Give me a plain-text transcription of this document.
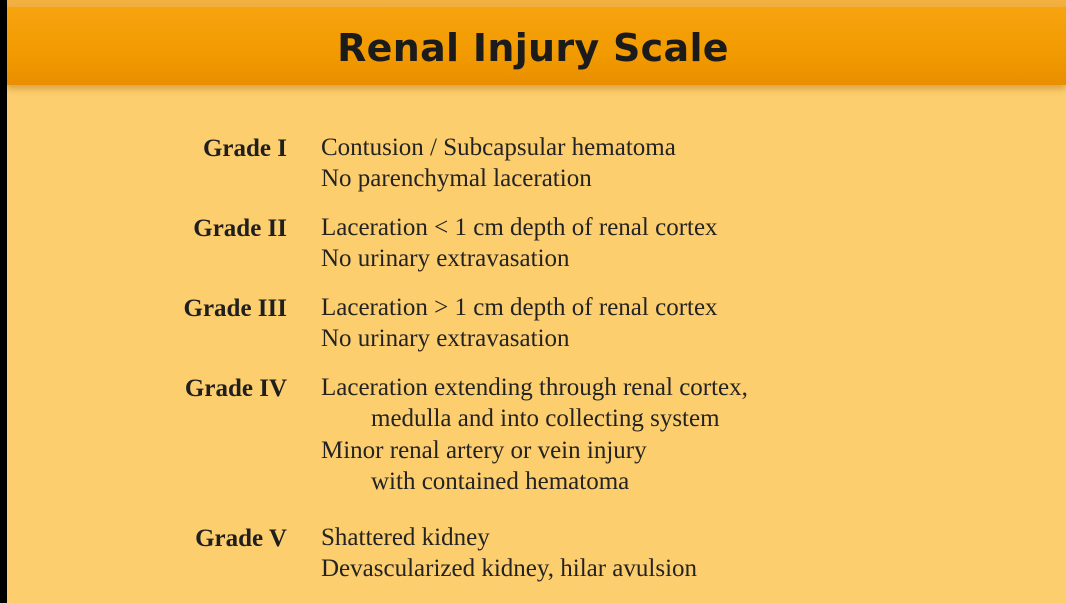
Renal Injury Scale
Grade I Contusion / Subcapsular hematoma
No parenchymal laceration
Grade II Laceration < 1 cm depth of renal cortex
No urinary extravasation
Grade III Laceration > 1 cm depth of renal cortex
No urinary extravasation
Grade IV Laceration extending through renal cortex,
medulla and into collecting system
Minor renal artery or vein injury
with contained hematoma
Grade V Shattered kidney
Devascularized kidney, hilar avulsion
